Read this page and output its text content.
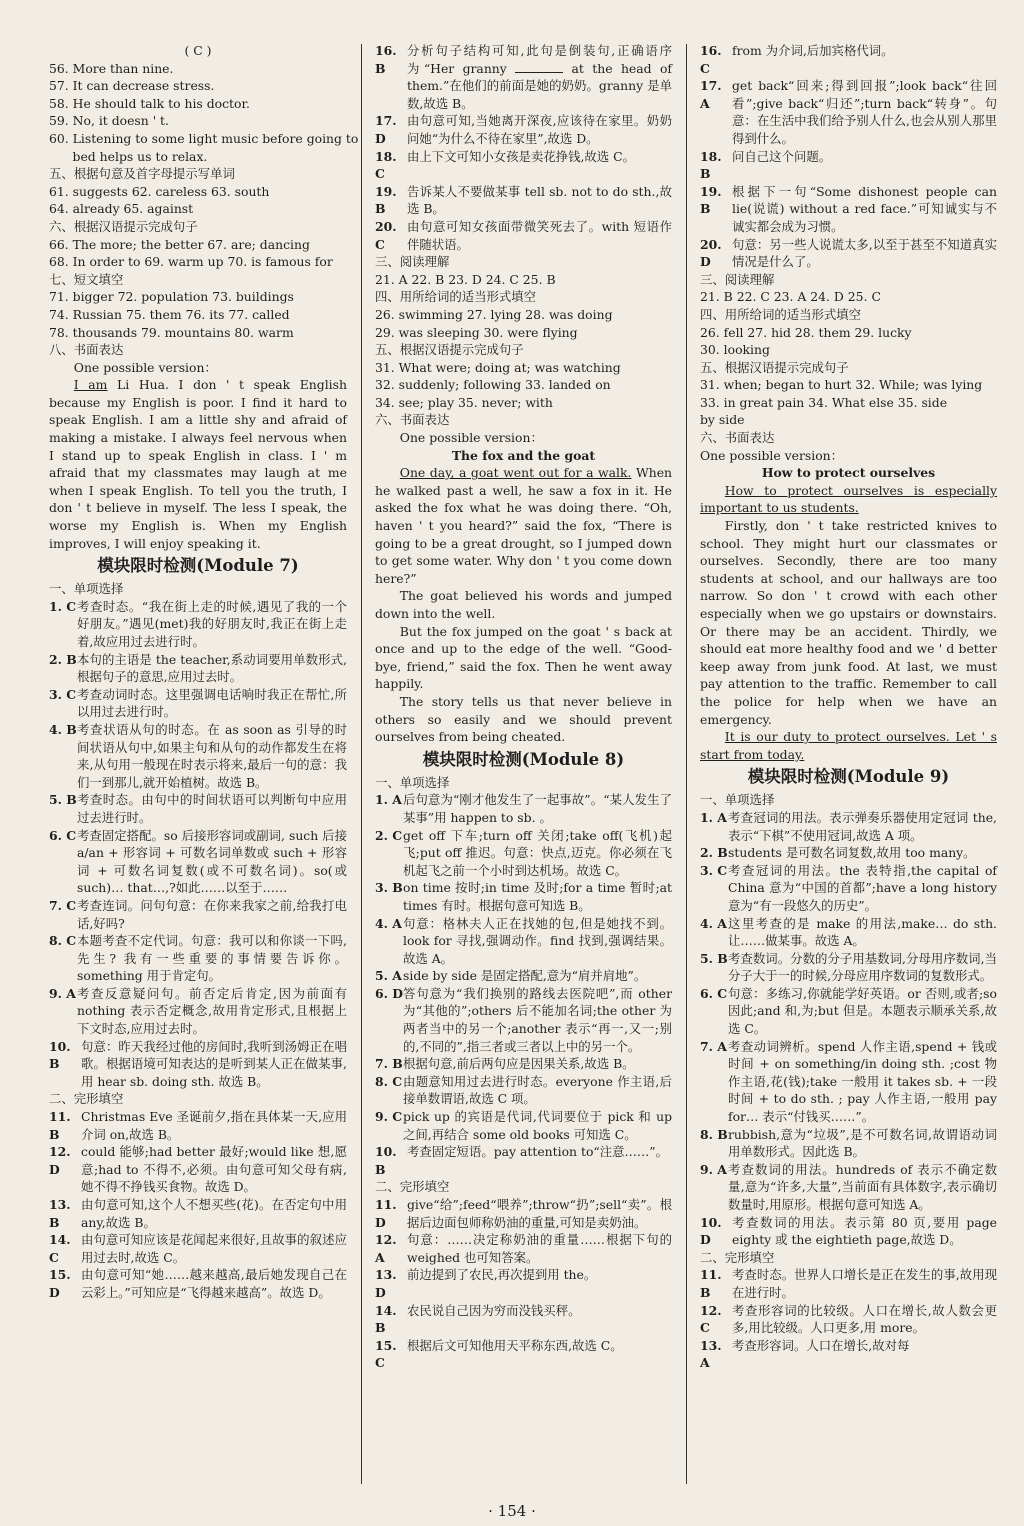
( C )
56. More than nine.
57. It can decrease stress.
58. He should talk to his doctor.
59. No, it doesn ' t.
60. Listening to some light music before going to
bed helps us to relax.
五、根据句意及首字母提示写单词
61. suggests 62. careless 63. south
64. already 65. against
六、根据汉语提示完成句子
66. The more; the better 67. are; dancing
68. In order to 69. warm up 70. is famous for
七、短文填空
71. bigger 72. population 73. buildings
74. Russian 75. them 76. its 77. called
78. thousands 79. mountains 80. warm
八、书面表达
One possible version：
I am Li Hua. I don ' t speak English because my English is poor. I find it hard to speak English. I am a little shy and afraid of making a mistake. I always feel nervous when I stand up to speak English in class. I ' m afraid that my classmates may laugh at me when I speak English. To tell you the truth, I don ' t believe in myself. The less I speak, the worse my English is. When my English improves, I will enjoy speaking it.
模块限时检测(Module 7)
一、单项选择
1. C 考查时态。“我在街上走的时候,遇见了我的一个好朋友。”遇见(met)我的好朋友时,我正在街上走着,故应用过去进行时。
2. B 本句的主语是 the teacher,系动词要用单数形式,根据句子的意思,应用过去时。
3. C 考查动词时态。这里强调电话响时我正在帮忙,所以用过去进行时。
4. B 考查状语从句的时态。在 as soon as 引导的时间状语从句中,如果主句和从句的动作都发生在将来,从句用一般现在时表示将来,最后一句的意：我们一到那儿,就开始植树。故选 B。
5. B 考查时态。由句中的时间状语可以判断句中应用过去进行时。
6. C 考查固定搭配。so 后接形容词或副词, such 后接 a/an + 形容词 + 可数名词单数或 such + 形容词 + 可数名词复数(或不可数名词)。so(或 such)… that…,?如此……以至于……
7. C 考查连词。问句句意：在你来我家之前,给我打电话,好吗?
8. C 本题考查不定代词。句意：我可以和你谈一下吗,先生? 我有一些重要的事情要告诉你。something 用于肯定句。
9. A 考查反意疑问句。前否定后肯定,因为前面有 nothing 表示否定概念,故用肯定形式,且根据上下文时态,应用过去时。
10. B
句意：昨天我经过他的房间时,我听到汤姆正在唱歌。根据语境可知表达的是听到某人正在做某事,用 hear sb. doing sth. 故选 B。
二、完形填空
11. B
Christmas Eve 圣诞前夕,指在具体某一天,应用介词 on,故选 B。
12. D
could 能够;had better 最好;would like 想,愿意;had to 不得不,必须。由句意可知父母有病,她不得不挣钱买食物。故选 D。
13. B
由句意可知,这个人不想买些(花)。在否定句中用 any,故选 B。
14. C
由句意可知应该是花闻起来很好,且故事的叙述应用过去时,故选 C。
15. D
由句意可知“她……越来越高,最后她发现自己在云彩上。”可知应是“飞得越来越高”。故选 D。
16. B
分析句子结构可知,此句是倒装句,正确语序为“Her granny	at the head of them.”在他们的前面是她的奶奶。granny 是单数,故选 B。
17. D
由句意可知,当她离开深夜,应该待在家里。奶奶问她“为什么不待在家里”,故选 D。
18. C
由上下文可知小女孩是卖花挣钱,故选 C。
19. B
告诉某人不要做某事 tell sb. not to do sth.,故选 B。
20. C
由句意可知女孩面带微笑死去了。with 短语作伴随状语。
三、阅读理解
21. A 22. B 23. D 24. C 25. B
四、用所给词的适当形式填空
26. swimming 27. lying 28. was doing
29. was sleeping 30. were flying
五、根据汉语提示完成句子
31. What were; doing at; was watching
32. suddenly; following 33. landed on
34. see; play 35. never; with
六、书面表达
One possible version：
The fox and the goat
One day, a goat went out for a walk. When he walked past a well, he saw a fox in it. He asked the fox what he was doing there. “Oh, haven ' t you heard?” said the fox, “There is going to be a great drought, so I jumped down to get some water. Why don ' t you come down here?”
The goat believed his words and jumped down into the well.
But the fox jumped on the goat ' s back at once and up to the edge of the well. “Good-bye, friend,” said the fox. Then he went away happily.
The story tells us that never believe in others so easily and we should prevent ourselves from being cheated.
模块限时检测(Module 8)
一、单项选择
1. A 后句意为“刚才他发生了一起事故”。“某人发生了某事”用 happen to sb. 。
2. C get off 下车;turn off 关闭;take off(飞机)起飞;put off 推迟。句意：快点,迈克。你必须在飞机起飞之前一个小时到达机场。故选 C。
3. B on time 按时;in time 及时;for a time 暂时;at times 有时。根据句意可知选 B。
4. A 句意：格林夫人正在找她的包,但是她找不到。look for 寻找,强调动作。find 找到,强调结果。故选 A。
5. A side by side 是固定搭配,意为“肩并肩地”。
6. D 答句意为“我们换别的路线去医院吧”,而 other 为“其他的”;others 后不能加名词;the other 为两者当中的另一个;another 表示“再一,又一;别的,不同的”,指三者或三者以上中的另一个。
7. B 根据句意,前后两句应是因果关系,故选 B。
8. C 由题意知用过去进行时态。everyone 作主语,后接单数谓语,故选 C 项。
9. C pick up 的宾语是代词,代词要位于 pick 和 up 之间,再结合 some old books 可知选 C。
10. B
考查固定短语。pay attention to“注意……”。
二、完形填空
11. D
give“给”;feed“喂养”;throw“扔”;sell“卖”。根据后边面包师称奶油的重量,可知是卖奶油。
12. A
句意：……决定称奶油的重量……根据下句的 weighed 也可知答案。
13. D
前边提到了农民,再次提到用 the。
14. B
农民说自己因为穷而没钱买秤。
15. C
根据后文可知他用天平称东西,故选 C。
16. C
from 为介词,后加宾格代词。
17. A
get back“回来;得到回报”;look back“往回看”;give back“归还”;turn back“转身”。句意：在生活中我们给予别人什么,也会从别人那里得到什么。
18. B
问自己这个问题。
19. B
根据下一句“Some dishonest people can lie(说谎) without a red face.”可知诚实与不诚实都会成为习惯。
20. D
句意：另一些人说谎太多,以至于甚至不知道真实情况是什么了。
三、阅读理解
21. B 22. C 23. A 24. D 25. C
四、用所给词的适当形式填空
26. fell 27. hid 28. them 29. lucky
30. looking
五、根据汉语提示完成句子
31. when; began to hurt 32. While; was lying
33. in great pain 34. What else 35. side
by side
六、书面表达
One possible version：
How to protect ourselves
How to protect ourselves is especially important to us students.
Firstly, don ' t take restricted knives to school. They might hurt our classmates or ourselves. Secondly, there are too many students at school, and our hallways are too narrow. So don ' t crowd with each other especially when we go upstairs or downstairs. Or there may be an accident. Thirdly, we should eat more healthy food and we ' d better keep away from junk food. At last, we must pay attention to the traffic. Remember to call the police for help when we have an emergency.
It is our duty to protect ourselves. Let ' s start from today.
模块限时检测(Module 9)
一、单项选择
1. A 考查冠词的用法。表示弹奏乐器使用定冠词 the,表示“下棋”不使用冠词,故选 A 项。
2. B students 是可数名词复数,故用 too many。
3. C 考查冠词的用法。the 表特指,the capital of China 意为“中国的首都”;have a long history 意为“有一段悠久的历史”。
4. A 这里考查的是 make 的用法,make… do sth. 让……做某事。故选 A。
5. B 考查数词。分数的分子用基数词,分母用序数词,当分子大于一的时候,分母应用序数词的复数形式。
6. C 句意：多练习,你就能学好英语。or 否则,或者;so 因此;and 和,为;but 但是。本题表示顺承关系,故选 C。
7. A 考查动词辨析。spend 人作主语,spend + 钱或时间 + on something/in doing sth. ;cost 物作主语,花(钱);take 一般用 it takes sb. + 一段时间 + to do sth. ; pay 人作主语,一般用 pay for… 表示“付钱买……”。
8. B rubbish,意为“垃圾”,是不可数名词,故谓语动词用单数形式。因此选 B。
9. A 考查数词的用法。hundreds of 表示不确定数量,意为“许多,大量”,当前面有具体数字,表示确切数量时,用原形。根据句意可知选 A。
10. D
考查数词的用法。表示第 80 页,要用 page eighty 或 the eightieth page,故选 D。
二、完形填空
11. B
考查时态。世界人口增长是正在发生的事,故用现在进行时。
12. C
考查形容词的比较级。人口在增长,故人数会更多,用比较级。人口更多,用 more。
13. A
考查形容词。人口在增长,故对每
· 154 ·
